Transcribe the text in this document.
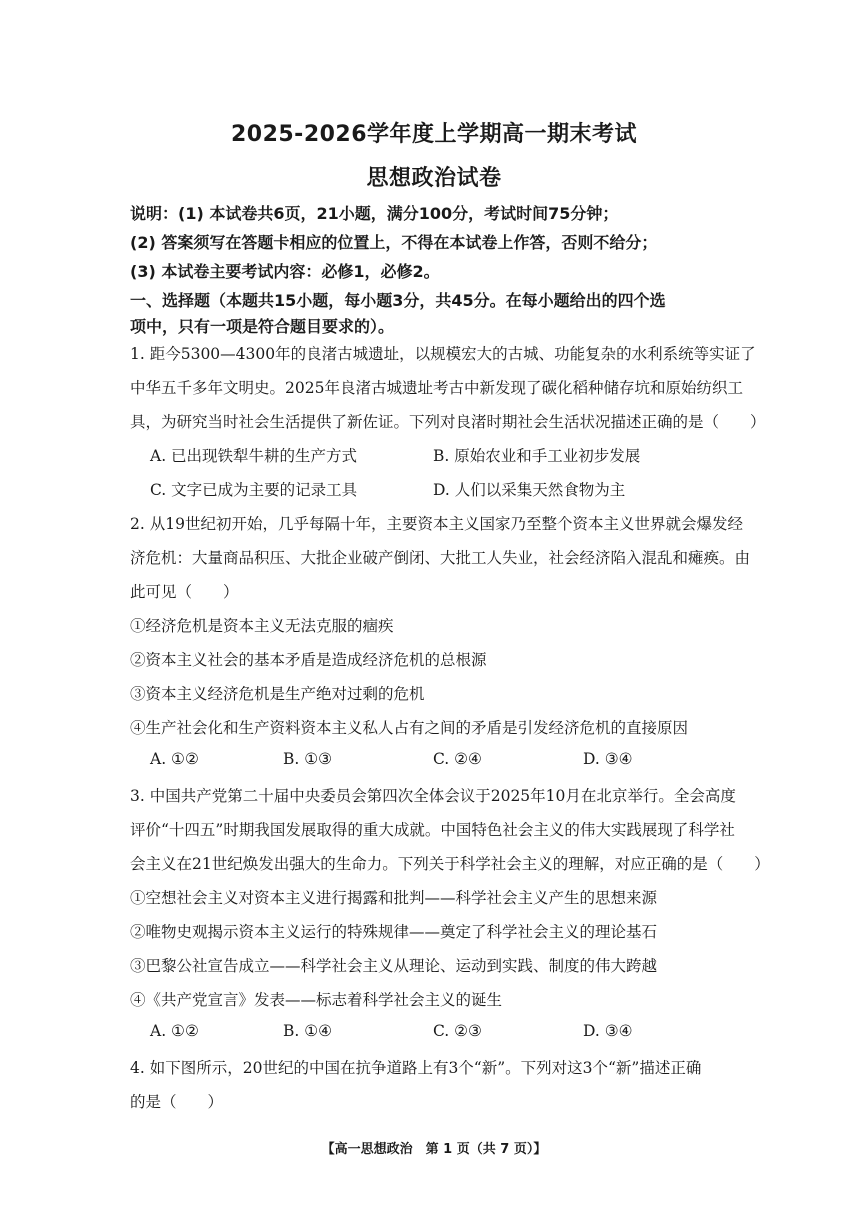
2025-2026学年度上学期高一期末考试
思想政治试卷
说明：(1) 本试卷共6页，21小题，满分100分，考试时间75分钟；
(2) 答案须写在答题卡相应的位置上，不得在本试卷上作答，否则不给分；
(3) 本试卷主要考试内容：必修1，必修2。
一、选择题（本题共15小题，每小题3分，共45分。在每小题给出的四个选
项中，只有一项是符合题目要求的）。
1. 距今5300—4300年的良渚古城遗址，以规模宏大的古城、功能复杂的水利系统等实证了
中华五千多年文明史。2025年良渚古城遗址考古中新发现了碳化稻种储存坑和原始纺织工
具，为研究当时社会生活提供了新佐证。下列对良渚时期社会生活状况描述正确的是（　　）
A. 已出现铁犁牛耕的生产方式	B. 原始农业和手工业初步发展
C. 文字已成为主要的记录工具	D. 人们以采集天然食物为主
2. 从19世纪初开始，几乎每隔十年，主要资本主义国家乃至整个资本主义世界就会爆发经
济危机：大量商品积压、大批企业破产倒闭、大批工人失业，社会经济陷入混乱和瘫痪。由
此可见（　　）
①经济危机是资本主义无法克服的痼疾
②资本主义社会的基本矛盾是造成经济危机的总根源
③资本主义经济危机是生产绝对过剩的危机
④生产社会化和生产资料资本主义私人占有之间的矛盾是引发经济危机的直接原因
A. ①②	B. ①③	C. ②④	D. ③④
3. 中国共产党第二十届中央委员会第四次全体会议于2025年10月在北京举行。全会高度
评价“十四五”时期我国发展取得的重大成就。中国特色社会主义的伟大实践展现了科学社
会主义在21世纪焕发出强大的生命力。下列关于科学社会主义的理解，对应正确的是（　　）
①空想社会主义对资本主义进行揭露和批判——科学社会主义产生的思想来源
②唯物史观揭示资本主义运行的特殊规律——奠定了科学社会主义的理论基石
③巴黎公社宣告成立——科学社会主义从理论、运动到实践、制度的伟大跨越
④《共产党宣言》发表——标志着科学社会主义的诞生
A. ①②	B. ①④	C. ②③	D. ③④
4. 如下图所示，20世纪的中国在抗争道路上有3个“新”。下列对这3个“新”描述正确
的是（　　）
【高一思想政治　第 1 页（共 7 页）】
